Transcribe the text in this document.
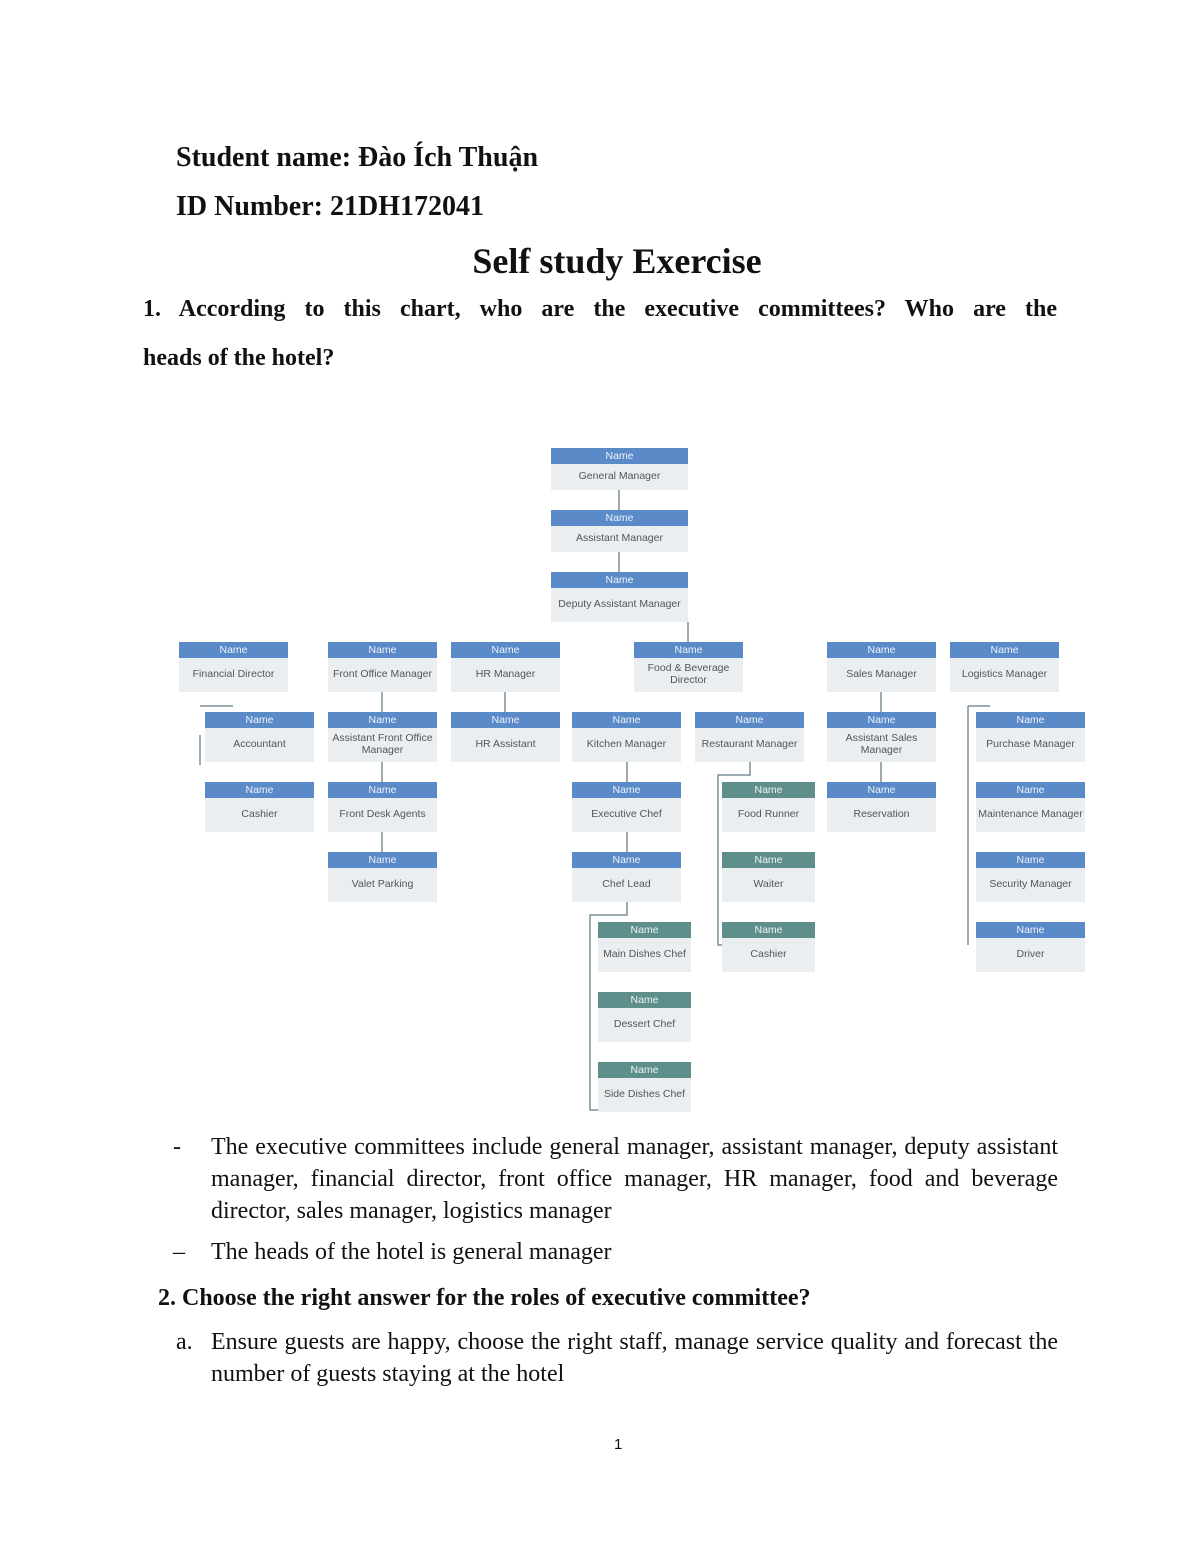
Student name: Đào Ích Thuận
ID Number: 21DH172041
Self study Exercise
1. According to this chart, who are the executive committees? Who are the
heads of the hotel?
Name
General Manager
Name
Assistant Manager
Name
Deputy Assistant Manager
Name
Financial Director
Name
Front Office Manager
Name
HR Manager
Name
Food & Beverage Director
Name
Sales Manager
Name
Logistics Manager
Name
Accountant
Name
Cashier
Name
Assistant Front Office Manager
Name
Front Desk Agents
Name
Valet Parking
Name
HR Assistant
Name
Kitchen Manager
Name
Executive Chef
Name
Chef Lead
Name
Main Dishes Chef
Name
Dessert Chef
Name
Side Dishes Chef
Name
Restaurant Manager
Name
Food Runner
Name
Waiter
Name
Cashier
Name
Assistant Sales Manager
Name
Reservation
Name
Purchase Manager
Name
Maintenance Manager
Name
Security Manager
Name
Driver
- The executive committees include general manager, assistant manager, deputy assistant manager, financial director, front office manager, HR manager, food and beverage director, sales manager, logistics manager
– The heads of the hotel is general manager
2. Choose the right answer for the roles of executive committee?
a. Ensure guests are happy, choose the right staff, manage service quality and forecast the number of guests staying at the hotel
1
